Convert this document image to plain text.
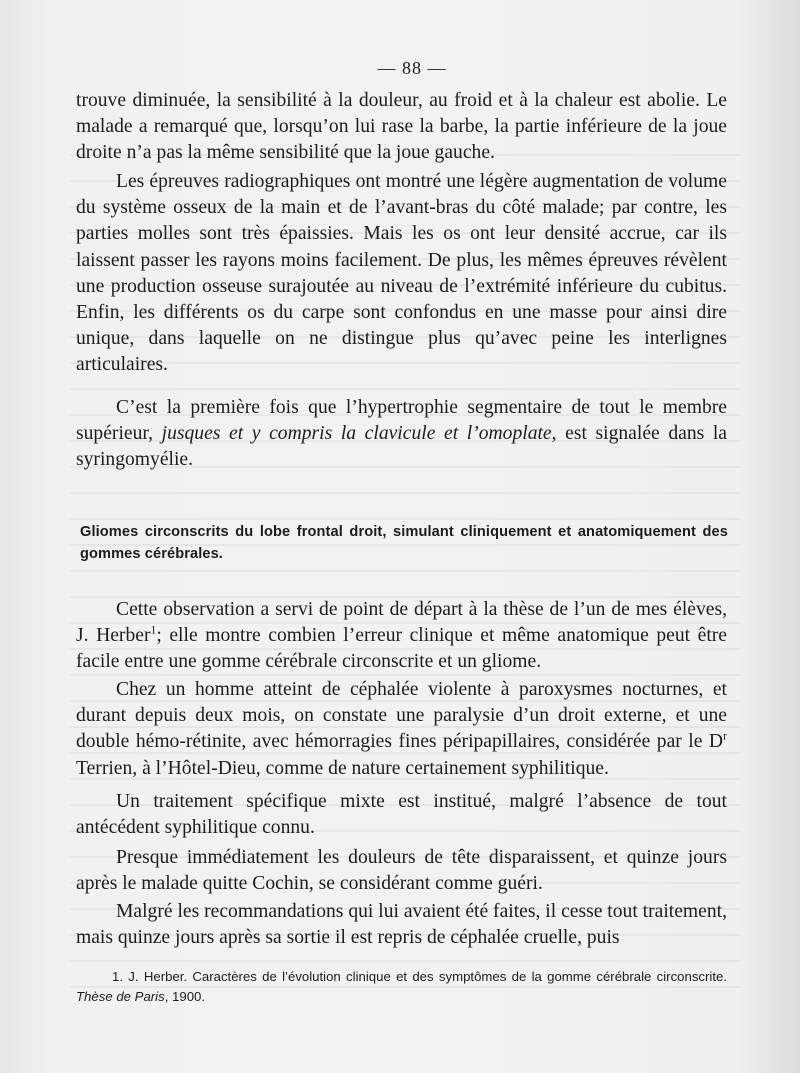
— 88 —

trouve diminuée, la sensibilité à la douleur, au froid et à la chaleur est abolie. Le malade a remarqué que, lorsqu’on lui rase la barbe, la partie inférieure de la joue droite n’a pas la même sensibilité que la joue gauche.

Les épreuves radiographiques ont montré une légère augmentation de volume du système osseux de la main et de l’avant-bras du côté malade; par contre, les parties molles sont très épaissies. Mais les os ont leur densité accrue, car ils laissent passer les rayons moins facilement. De plus, les mêmes épreuves révèlent une production osseuse surajoutée au niveau de l’extrémité inférieure du cubitus. Enfin, les différents os du carpe sont confondus en une masse pour ainsi dire unique, dans laquelle on ne distingue plus qu’avec peine les interlignes articulaires.

C’est la première fois que l’hypertrophie segmentaire de tout le membre supérieur, jusques et y compris la clavicule et l’omoplate, est signalée dans la syringomyélie.

Gliomes circonscrits du lobe frontal droit, simulant cliniquement et anatomiquement des gommes cérébrales.

Cette observation a servi de point de départ à la thèse de l’un de mes élèves, J. Herber$^1$; elle montre combien l’erreur clinique et même anatomique peut être facile entre une gomme cérébrale circonscrite et un gliome.

Chez un homme atteint de céphalée violente à paroxysmes nocturnes, et durant depuis deux mois, on constate une paralysie d’un droit externe, et une double hémo-rétinite, avec hémorragies fines péripapillaires, considérée par le $D^r$ Terrien, à l’Hôtel-Dieu, comme de nature certainement syphilitique.

Un traitement spécifique mixte est institué, malgré l’absence de tout antécédent syphilitique connu.

Presque immédiatement les douleurs de tête disparaissent, et quinze jours après le malade quitte Cochin, se considérant comme guéri.

Malgré les recommandations qui lui avaient été faites, il cesse tout traitement, mais quinze jours après sa sortie il est repris de céphalée cruelle, puis

1. J. Herber. Caractères de l’évolution clinique et des symptômes de la gomme cérébrale circonscrite. Thèse de Paris, 1900.
